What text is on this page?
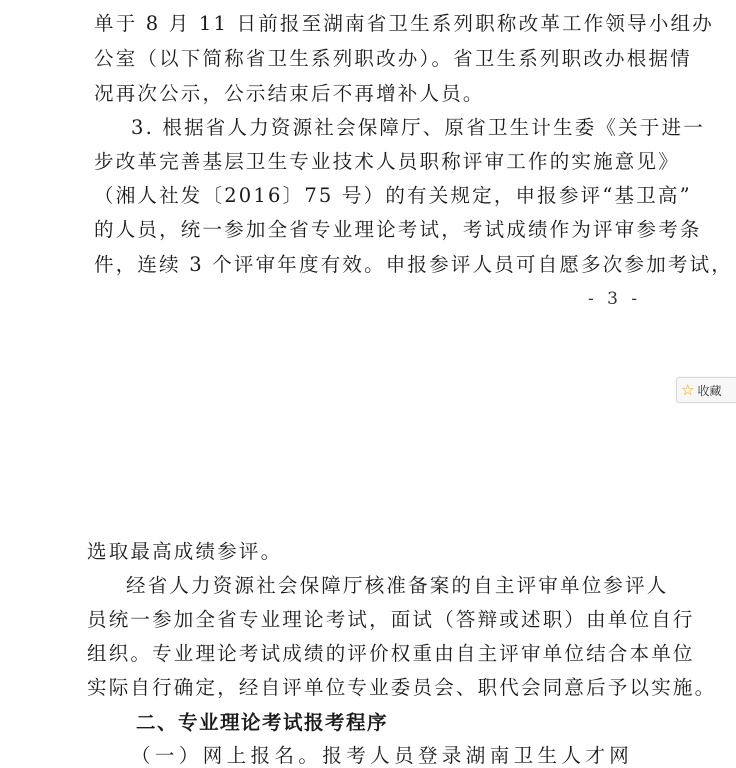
单于 8 月 11 日前报至湖南省卫生系列职称改革工作领导小组办
公室（以下简称省卫生系列职改办）。省卫生系列职改办根据情
况再次公示，公示结束后不再增补人员。
3. 根据省人力资源社会保障厅、原省卫生计生委《关于进一
步改革完善基层卫生专业技术人员职称评审工作的实施意见》
（湘人社发〔2016〕75 号）的有关规定，申报参评“基卫高”
的人员，统一参加全省专业理论考试，考试成绩作为评审参考条
件，连续 3 个评审年度有效。申报参评人员可自愿多次参加考试，
- 3 -
☆ 收藏
选取最高成绩参评。
经省人力资源社会保障厅核准备案的自主评审单位参评人
员统一参加全省专业理论考试，面试（答辩或述职）由单位自行
组织。专业理论考试成绩的评价权重由自主评审单位结合本单位
实际自行确定，经自评单位专业委员会、职代会同意后予以实施。
二、专业理论考试报考程序
（一）网上报名。报考人员登录湖南卫生人才网
